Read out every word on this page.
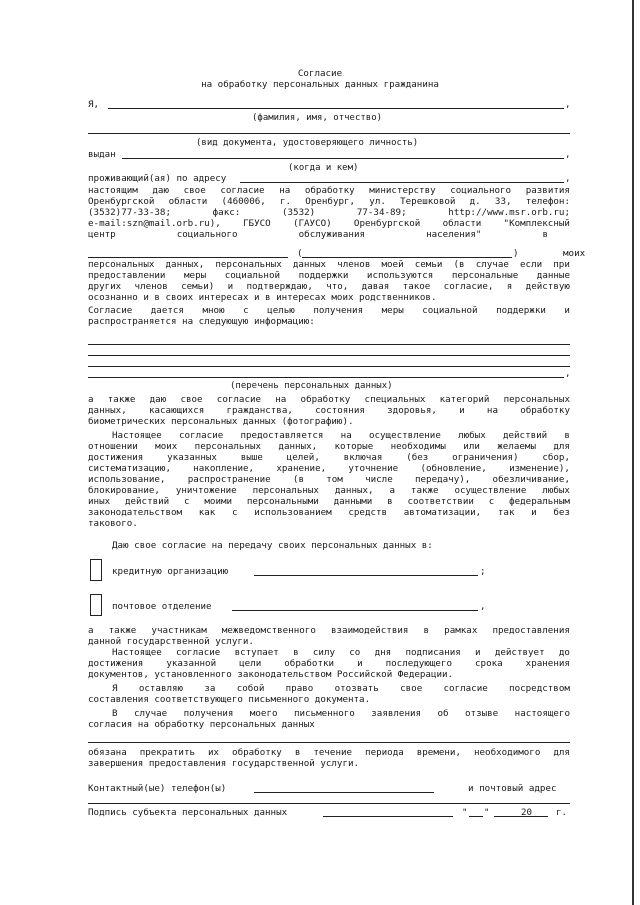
Согласие
на обработку персональных данных гражданина
Я,	,
(фамилия, имя, отчество)
(вид документа, удостоверяющего личность)
выдан	,
(когда и кем)
проживающий(ая) по адресу	,
настоящим даю свое согласие на обработку министерству социального развития
Оренбургской области (460006, г. Оренбург, ул. Терешковой д. 33, телефон:
(3532)77-33-38;	факс:	(3532)	77-34-89;	http://www.msr.orb.ru;
e-mail:szn@mail.orb.ru), ГБУСО (ГАУСО) Оренбургской области "Комплексный
центр	социального	обслуживания	населения"	в
(	)	моих
персональных данных, персональных данных членов моей семьи (в случае если при
предоставлении меры социальной поддержки используются персональные данные
других членов семьи) и подтверждаю, что, давая такое согласие, я действую
осознанно и в своих интересах и в интересах моих родственников.
Согласие дается мною с целью получения меры социальной поддержки и
распространяется на следующую информацию:
,
(перечень персональных данных)
а также даю свое согласие на обработку специальных категорий персональных
данных, касающихся гражданства, состояния здоровья, и на обработку
биометрических персональных данных (фотографию).
Настоящее согласие предоставляется на осуществление любых действий в
отношении моих персональных данных, которые необходимы или желаемы для
достижения	указанных	выше	целей,	включая	(без	ограничения)	сбор,
систематизацию, накопление, хранение, уточнение (обновление, изменение),
использование, распространение (в том числе передачу), обезличивание,
блокирование, уничтожение персональных данных, а также осуществление любых
иных действий с моими персональными данными в соответствии с федеральным
законодательством как с использованием средств автоматизации, так и без
такового.
Даю свое согласие на передачу своих персональных данных в:
кредитную организацию	;
почтовое отделение	,
а также участникам межведомственного взаимодействия в рамках предоставления
данной государственной услуги.
Настоящее согласие вступает в силу со дня подписания и действует до
достижения	указанной	цели	обработки	и	последующего	срока	хранения
документов, установленного законодательством Российской Федерации.
Я оставляю за собой право отозвать свое согласие посредством
составления соответствующего письменного документа.
В случае получения моего письменного заявления об отзыве настоящего
согласия на обработку персональных данных
обязана прекратить их обработку в течение периода времени, необходимого для
завершения предоставления государственной услуги.
Контактный(ые) телефон(ы)	и почтовый адрес
Подпись субъекта персональных данных	" "	20	г.
